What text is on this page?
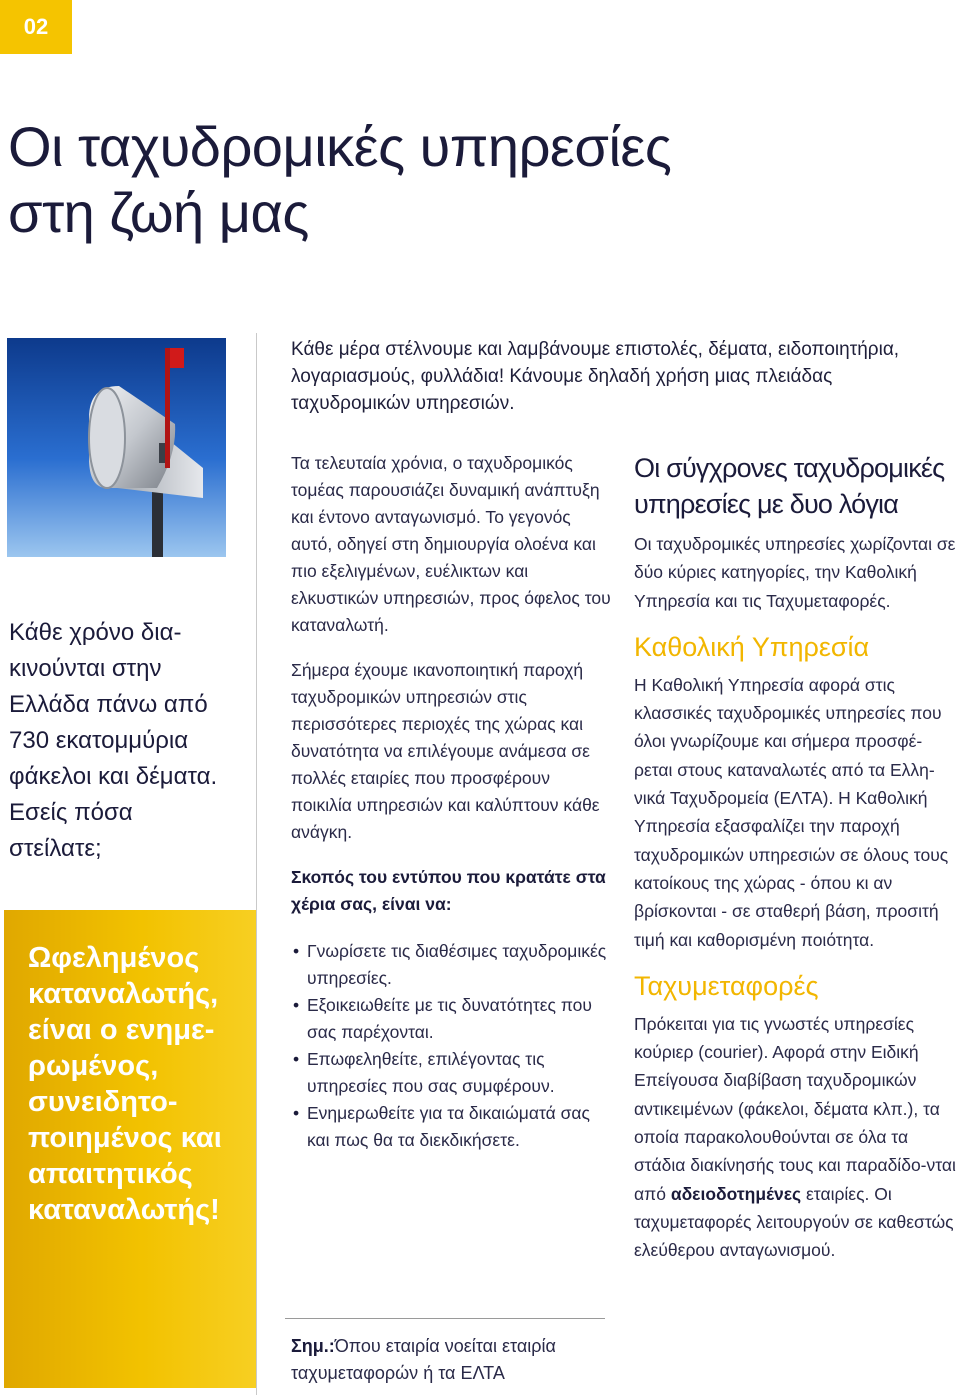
02
Οι ταχυδρομικές υπηρεσίες
στη ζωή μας

Κάθε χρόνο δια-κινούνται στην Ελλάδα πάνω από 730 εκατομμύρια φάκελοι και δέματα. Εσείς πόσα στείλατε;

Ωφελημένος καταναλωτής, είναι ο ενημε-ρωμένος, συνειδητο-ποιημένος και απαιτητικός καταναλωτής!

Κάθε μέρα στέλνουμε και λαμβάνουμε επιστολές, δέματα, ειδοποιητήρια, λογαριασμούς, φυλλάδια! Κάνουμε δηλαδή χρήση μιας πλειάδας ταχυδρομικών υπηρεσιών.

Τα τελευταία χρόνια, ο ταχυδρομικός τομέας παρουσιάζει δυναμική ανάπτυξη και έντονο ανταγωνισμό. Το γεγονός αυτό, οδηγεί στη δημιουργία ολοένα και πιο εξελιγμένων, ευέλικτων και ελκυστικών υπηρεσιών, προς όφελος του καταναλωτή.

Σήμερα έχουμε ικανοποιητική παροχή ταχυδρομικών υπηρεσιών στις περισσότερες περιοχές της χώρας και δυνατότητα να επιλέγουμε ανάμεσα σε πολλές εταιρίες που προσφέρουν ποικιλία υπηρεσιών και καλύπτουν κάθε ανάγκη.

Σκοπός του εντύπου που κρατάτε στα χέρια σας, είναι να:

• Γνωρίσετε τις διαθέσιμες ταχυδρομικές υπηρεσίες.
• Εξοικειωθείτε με τις δυνατότητες που σας παρέχονται.
• Επωφεληθείτε, επιλέγοντας τις υπηρεσίες που σας συμφέρουν.
• Ενημερωθείτε για τα δικαιώματά σας και πως θα τα διεκδικήσετε.
Οι σύγχρονες ταχυδρομικές υπηρεσίες με δυο λόγια

Οι ταχυδρομικές υπηρεσίες χωρίζονται σε δύο κύριες κατηγορίες, την Καθολική Υπηρεσία και τις Ταχυμεταφορές.

Καθολική Υπηρεσία

Η Καθολική Υπηρεσία αφορά στις κλασσικές ταχυδρομικές υπηρεσίες που όλοι γνωρίζουμε και σήμερα προσφέ-ρεται στους καταναλωτές από τα Ελλη-νικά Ταχυδρομεία (ΕΛΤΑ). Η Καθολική Υπηρεσία εξασφαλίζει την παροχή ταχυδρομικών υπηρεσιών σε όλους τους κατοίκους της χώρας - όπου κι αν βρίσκονται - σε σταθερή βάση, προσιτή τιμή και καθορισμένη ποιότητα.

Ταχυμεταφορές

Πρόκειται για τις γνωστές υπηρεσίες κούριερ (courier). Αφορά στην Ειδική Επείγουσα διαβίβαση ταχυδρομικών αντικειμένων (φάκελοι, δέματα κλπ.), τα οποία παρακολουθούνται σε όλα τα στάδια διακίνησής τους και παραδίδο-νται από αδειοδοτημένες εταιρίες. Οι ταχυμεταφορές λειτουργούν σε καθεστώς ελεύθερου ανταγωνισμού.

Σημ.:Όπου εταιρία νοείται εταιρία ταχυμεταφορών ή τα ΕΛΤΑ
